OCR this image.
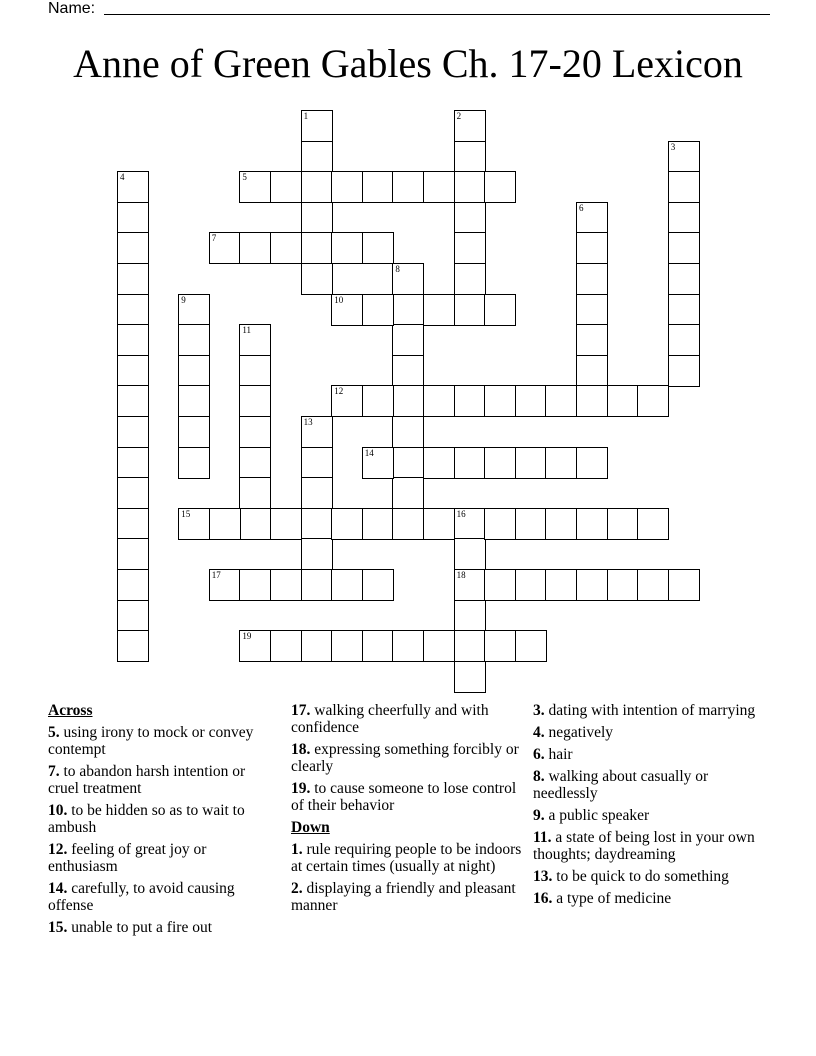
Name:
Anne of Green Gables Ch. 17-20 Lexicon
1	2
3
4	5
6
7
8
9	10
11
12
13
14
15	16
18
17
19
Across
5. using irony to mock or convey contempt
7. to abandon harsh intention or cruel treatment
10. to be hidden so as to wait to ambush
12. feeling of great joy or enthusiasm
14. carefully, to avoid causing offense
15. unable to put a fire out
17. walking cheerfully and with confidence
18. expressing something forcibly or clearly
19. to cause someone to lose control of their behavior
Down
1. rule requiring people to be indoors at certain times (usually at night)
2. displaying a friendly and pleasant manner
3. dating with intention of marrying
4. negatively
6. hair
8. walking about casually or needlessly
9. a public speaker
11. a state of being lost in your own thoughts; daydreaming
13. to be quick to do something
16. a type of medicine
